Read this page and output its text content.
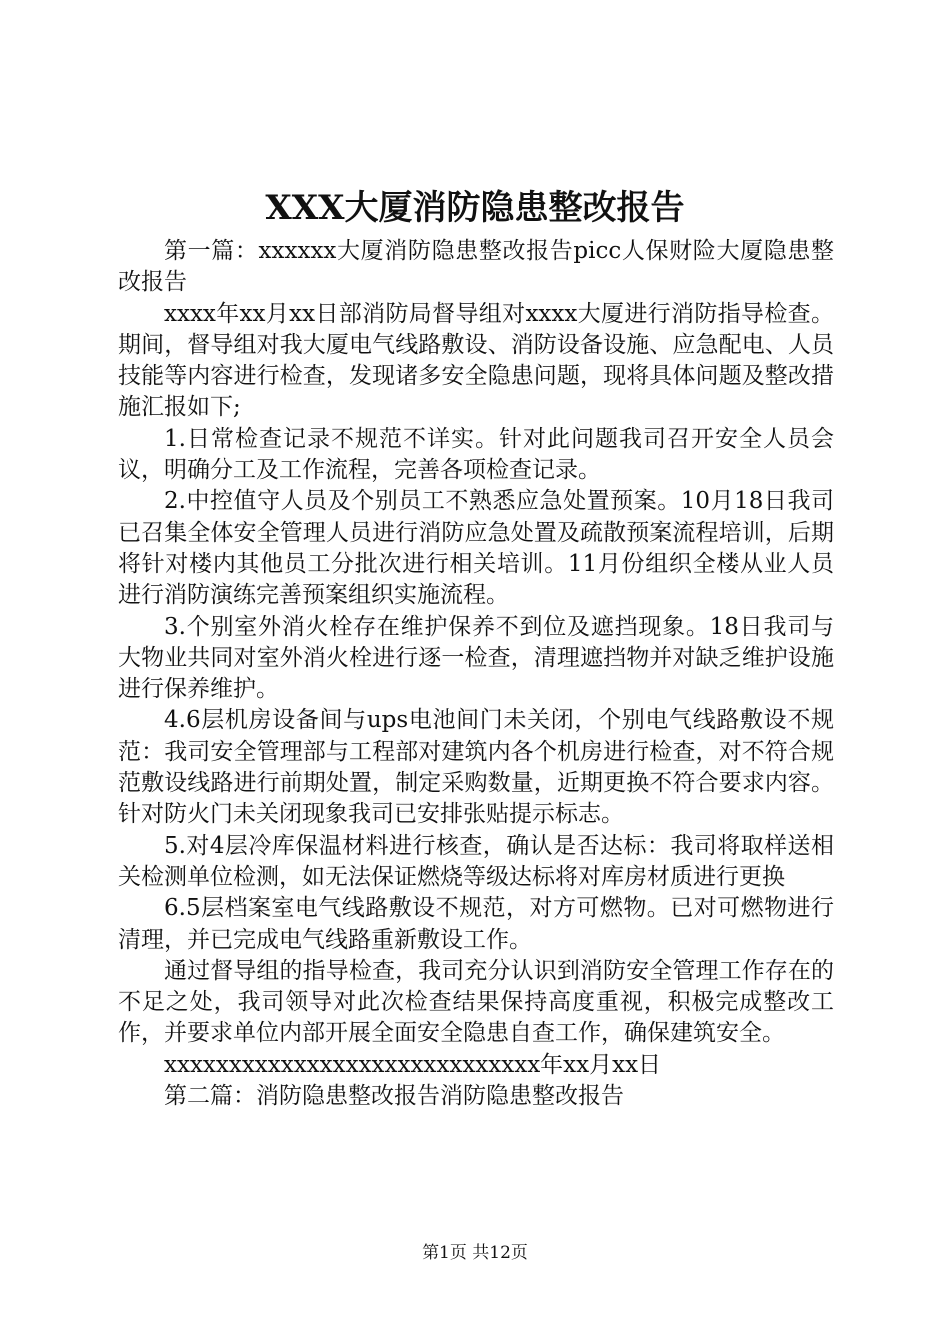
XXX大厦消防隐患整改报告

第一篇：xxxxxx大厦消防隐患整改报告picc人保财险大厦隐患整改报告

xxxx年xx月xx日部消防局督导组对xxxx大厦进行消防指导检查。期间，督导组对我大厦电气线路敷设、消防设备设施、应急配电、人员技能等内容进行检查，发现诸多安全隐患问题，现将具体问题及整改措施汇报如下;

1.日常检查记录不规范不详实。针对此问题我司召开安全人员会议，明确分工及工作流程，完善各项检查记录。

2.中控值守人员及个别员工不熟悉应急处置预案。10月18日我司已召集全体安全管理人员进行消防应急处置及疏散预案流程培训，后期将针对楼内其他员工分批次进行相关培训。11月份组织全楼从业人员进行消防演练完善预案组织实施流程。

3.个别室外消火栓存在维护保养不到位及遮挡现象。18日我司与大物业共同对室外消火栓进行逐一检查，清理遮挡物并对缺乏维护设施进行保养维护。

4.6层机房设备间与ups电池间门未关闭，个别电气线路敷设不规范：我司安全管理部与工程部对建筑内各个机房进行检查，对不符合规范敷设线路进行前期处置，制定采购数量，近期更换不符合要求内容。针对防火门未关闭现象我司已安排张贴提示标志。

5.对4层冷库保温材料进行核查，确认是否达标：我司将取样送相关检测单位检测，如无法保证燃烧等级达标将对库房材质进行更换

6.5层档案室电气线路敷设不规范，对方可燃物。已对可燃物进行清理，并已完成电气线路重新敷设工作。

通过督导组的指导检查，我司充分认识到消防安全管理工作存在的不足之处，我司领导对此次检查结果保持高度重视，积极完成整改工作，并要求单位内部开展全面安全隐患自查工作，确保建筑安全。

xxxxxxxxxxxxxxxxxxxxxxxxxxxxx年xx月xx日

第二篇：消防隐患整改报告消防隐患整改报告

第1页 共12页
